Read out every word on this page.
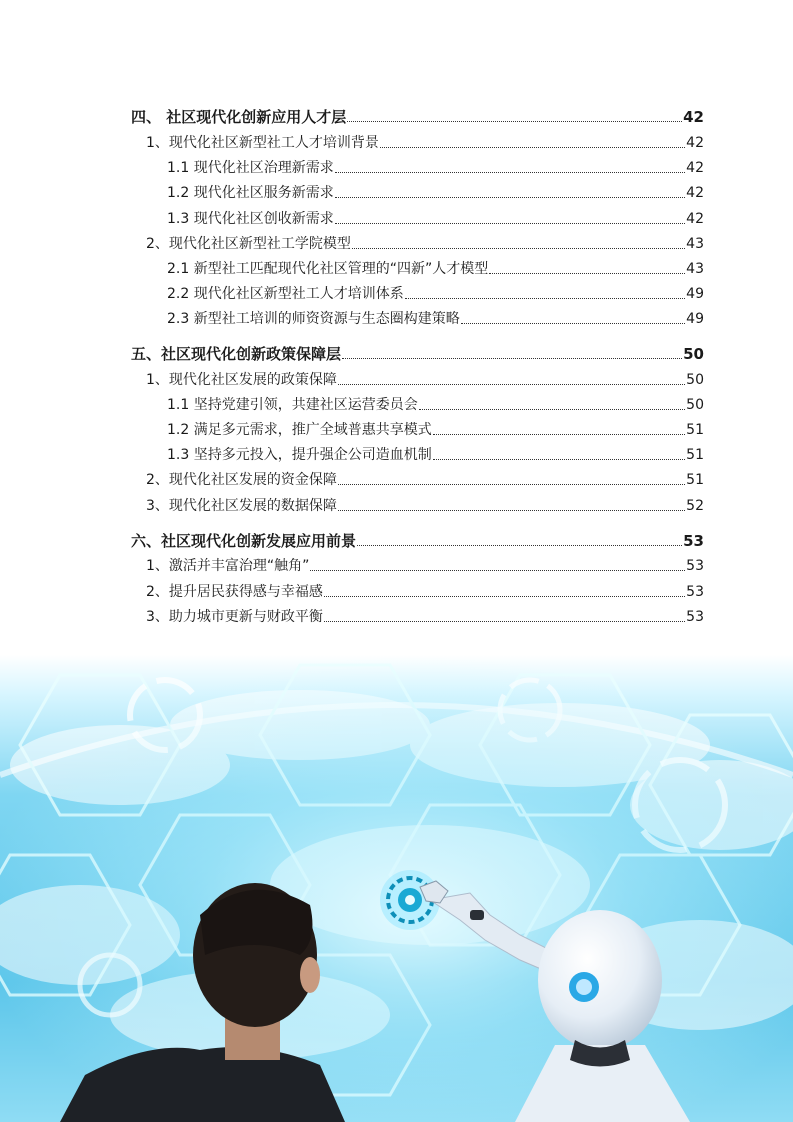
四、 社区现代化创新应用人才层	42
1、现代化社区新型社工人才培训背景	42
1.1 现代化社区治理新需求	42
1.2 现代化社区服务新需求	42
1.3 现代化社区创收新需求	42
2、现代化社区新型社工学院模型	43
2.1 新型社工匹配现代化社区管理的“四新”人才模型	43
2.2 现代化社区新型社工人才培训体系	49
2.3 新型社工培训的师资资源与生态圈构建策略	49
五、社区现代化创新政策保障层	50
1、现代化社区发展的政策保障	50
1.1 坚持党建引领，共建社区运营委员会	50
1.2 满足多元需求，推广全域普惠共享模式	51
1.3 坚持多元投入，提升强企公司造血机制	51
2、现代化社区发展的资金保障	51
3、现代化社区发展的数据保障	52
六、社区现代化创新发展应用前景	53
1、激活并丰富治理“触角”	53
2、提升居民获得感与幸福感	53
3、助力城市更新与财政平衡	53
